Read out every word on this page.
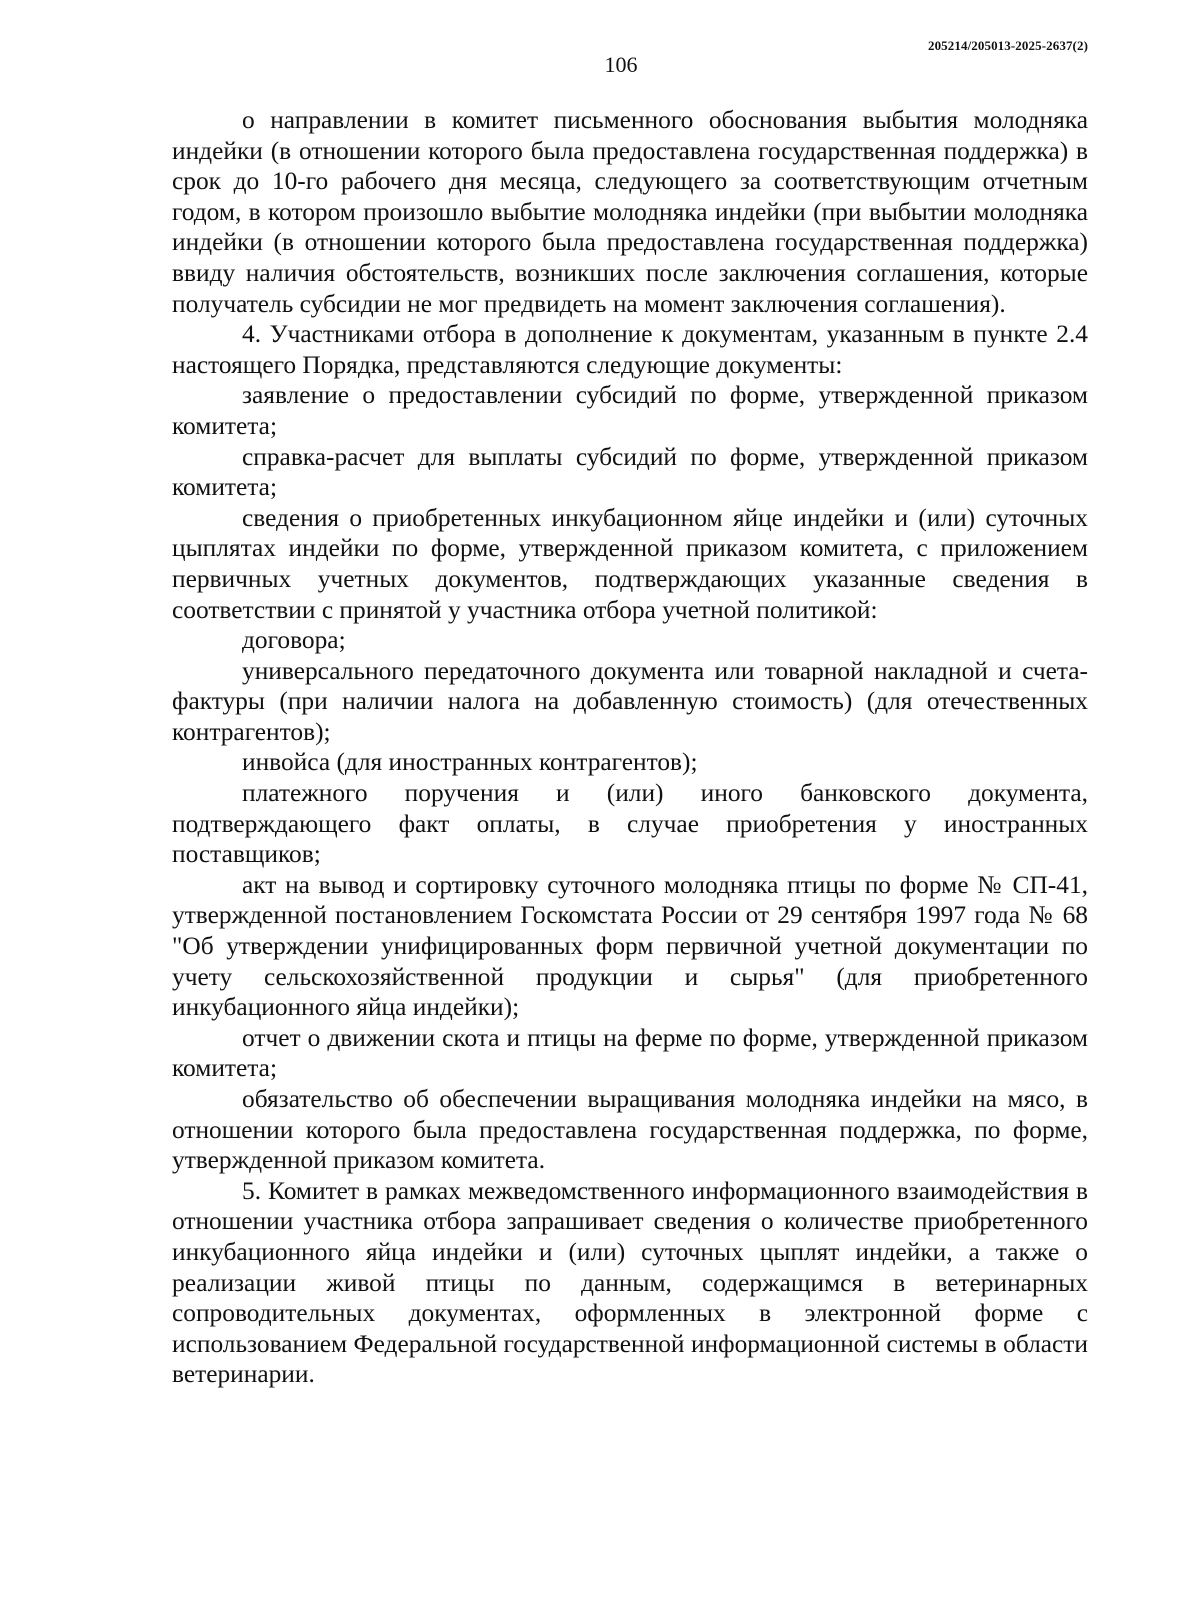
205214/205013-2025-2637(2)
106

о направлении в комитет письменного обоснования выбытия молодняка индейки (в отношении которого была предоставлена государственная поддержка) в срок до 10-го рабочего дня месяца, следующего за соответствующим отчетным годом, в котором произошло выбытие молодняка индейки (при выбытии молодняка индейки (в отношении которого была предоставлена государственная поддержка) ввиду наличия обстоятельств, возникших после заключения соглашения, которые получатель субсидии не мог предвидеть на момент заключения соглашения).

4. Участниками отбора в дополнение к документам, указанным в пункте 2.4 настоящего Порядка, представляются следующие документы:

заявление о предоставлении субсидий по форме, утвержденной приказом комитета;

справка-расчет для выплаты субсидий по форме, утвержденной приказом комитета;

сведения о приобретенных инкубационном яйце индейки и (или) суточных цыплятах индейки по форме, утвержденной приказом комитета, с приложением первичных учетных документов, подтверждающих указанные сведения в соответствии с принятой у участника отбора учетной политикой:

договора;

универсального передаточного документа или товарной накладной и счета-фактуры (при наличии налога на добавленную стоимость) (для отечественных контрагентов);

инвойса (для иностранных контрагентов);

платежного поручения и (или) иного банковского документа, подтверждающего факт оплаты, в случае приобретения у иностранных поставщиков;

акт на вывод и сортировку суточного молодняка птицы по форме № СП-41, утвержденной постановлением Госкомстата России от 29 сентября 1997 года № 68 "Об утверждении унифицированных форм первичной учетной документации по учету сельскохозяйственной продукции и сырья" (для приобретенного инкубационного яйца индейки);

отчет о движении скота и птицы на ферме по форме, утвержденной приказом комитета;

обязательство об обеспечении выращивания молодняка индейки на мясо, в отношении которого была предоставлена государственная поддержка, по форме, утвержденной приказом комитета.

5. Комитет в рамках межведомственного информационного взаимодействия в отношении участника отбора запрашивает сведения о количестве приобретенного инкубационного яйца индейки и (или) суточных цыплят индейки, а также о реализации живой птицы по данным, содержащимся в ветеринарных сопроводительных документах, оформленных в электронной форме с использованием Федеральной государственной информационной системы в области ветеринарии.
